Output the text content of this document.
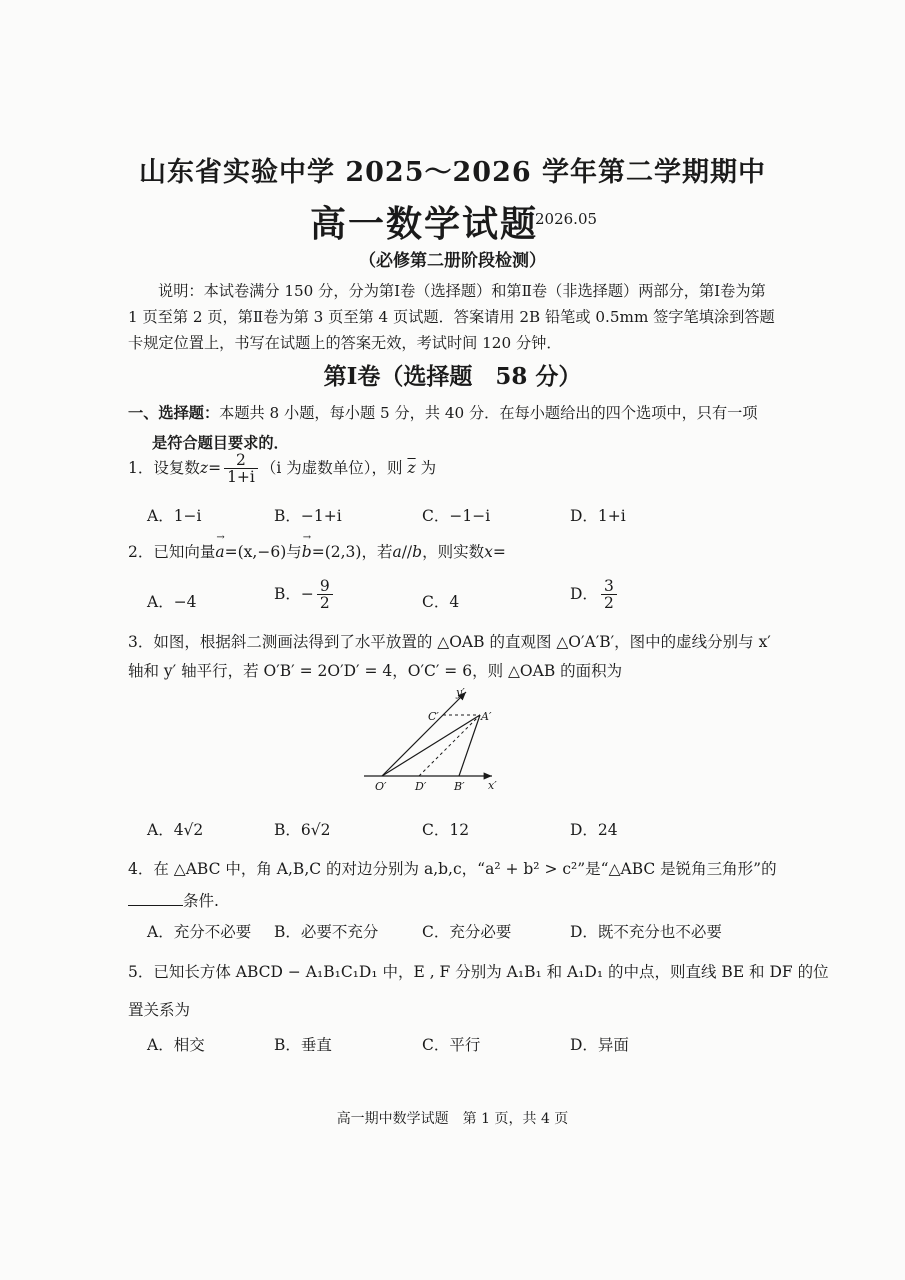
山东省实验中学 2025～2026 学年第二学期期中
高一数学试题
2026.05
（必修第二册阶段检测）
说明：本试卷满分 150 分，分为第Ⅰ卷（选择题）和第Ⅱ卷（非选择题）两部分，第Ⅰ卷为第 1 页至第 2 页，第Ⅱ卷为第 3 页至第 4 页试题．答案请用 2B 铅笔或 0.5mm 签字笔填涂到答题卡规定位置上，书写在试题上的答案无效，考试时间 120 分钟．
第Ⅰ卷（选择题　58 分）
一、选择题：本题共 8 小题，每小题 5 分，共 40 分．在每小题给出的四个选项中，只有一项
是符合题目要求的．
1．设复数$z= \frac{2}{1+i} (i$ 为虚数单位），则 $\overline{z}$ 为
A．1−i	B．−1+i	C．−1−i	D．1+i
2．已知向量
→
a=(x,−6)与
→
b=(2,3)，若a//b，则实数x=
A．−4	B．− $\frac{9}{2}$	C．4	D． $\frac{3}{2}$
3．如图，根据斜二测画法得到了水平放置的 △OAB 的直观图 △O′A′B′，图中的虚线分别与 x′
轴和 y′ 轴平行，若 O′B′ = 2O′D′ = 4，O′C′ = 6，则 △OAB 的面积为
y′
x′
A′
B′
C′
D′
O′
A．4√2	B．6√2	C．12	D．24
4．在 △ABC 中，角 A,B,C 的对边分别为 a,b,c，“a² + b² > c²”是“△ABC 是锐角三角形”的
条件.
A．充分不必要 B．必要不充分	C．充分必要	D．既不充分也不必要
5．已知长方体 ABCD − A₁B₁C₁D₁ 中，E , F 分别为 A₁B₁ 和 A₁D₁ 的中点，则直线 BE 和 DF 的位
置关系为
A．相交	B．垂直	C．平行	D．异面
高一期中数学试题　第 1 页，共 4 页
